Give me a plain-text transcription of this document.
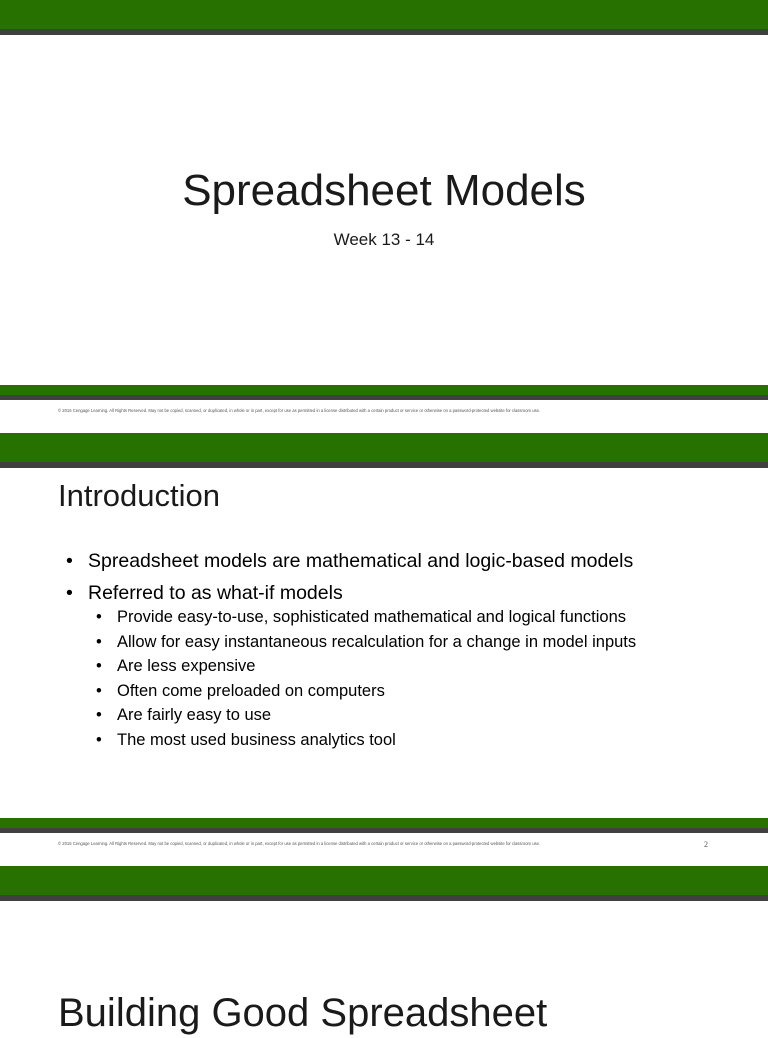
Spreadsheet Models
Week 13 - 14
© 2016 Cengage Learning. All Rights Reserved. May not be copied, scanned, or duplicated, in whole or in part, except for use as permitted in a license distributed with a certain product or service or otherwise on a password-protected website for classroom use.
Introduction
• Spreadsheet models are mathematical and logic-based models
• Referred to as what-if models
• Provide easy-to-use, sophisticated mathematical and logical functions
• Allow for easy instantaneous recalculation for a change in model inputs
• Are less expensive
• Often come preloaded on computers
• Are fairly easy to use
• The most used business analytics tool
© 2016 Cengage Learning. All Rights Reserved. May not be copied, scanned, or duplicated, in whole or in part, except for use as permitted in a license distributed with a certain product or service or otherwise on a password-protected website for classroom use.	2
Building Good Spreadsheet
